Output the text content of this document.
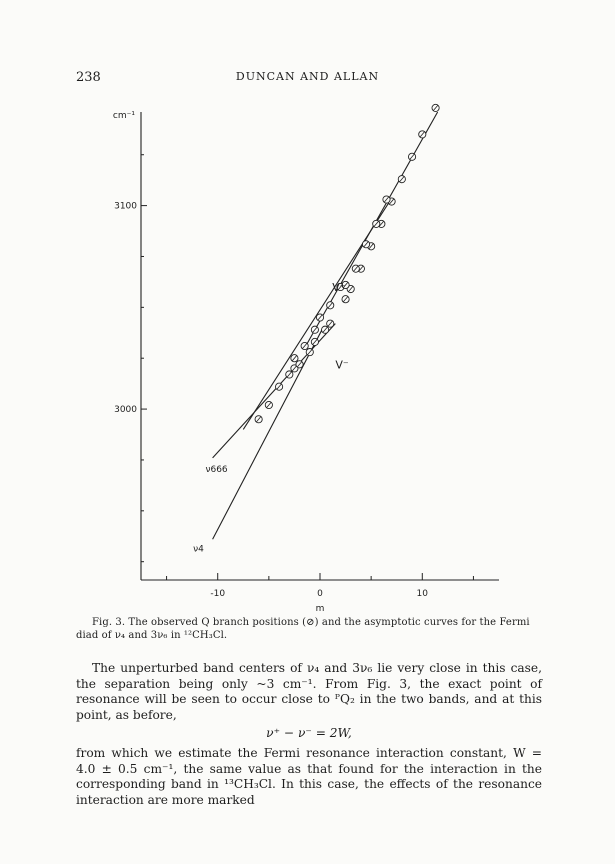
238	DUNCAN AND ALLAN
-10	0	10
3000
3100
cm⁻¹
m
V⁺
V⁻
ν666
ν4
Fig. 3. The observed Q branch positions (⊘) and the asymptotic curves for the Fermi diad of ν₄ and 3ν₆ in ¹²CH₃Cl.

The unperturbed band centers of ν₄ and 3ν₆ lie very close in this case, the separation being only ~3 cm⁻¹. From Fig. 3, the exact point of resonance will be seen to occur close to ᴾQ₂ in the two bands, and at this point, as before,

ν⁺ − ν⁻ = 2W,

from which we estimate the Fermi resonance interaction constant, W = 4.0 ± 0.5 cm⁻¹, the same value as that found for the interaction in the corresponding band in ¹³CH₃Cl. In this case, the effects of the resonance interaction are more marked
